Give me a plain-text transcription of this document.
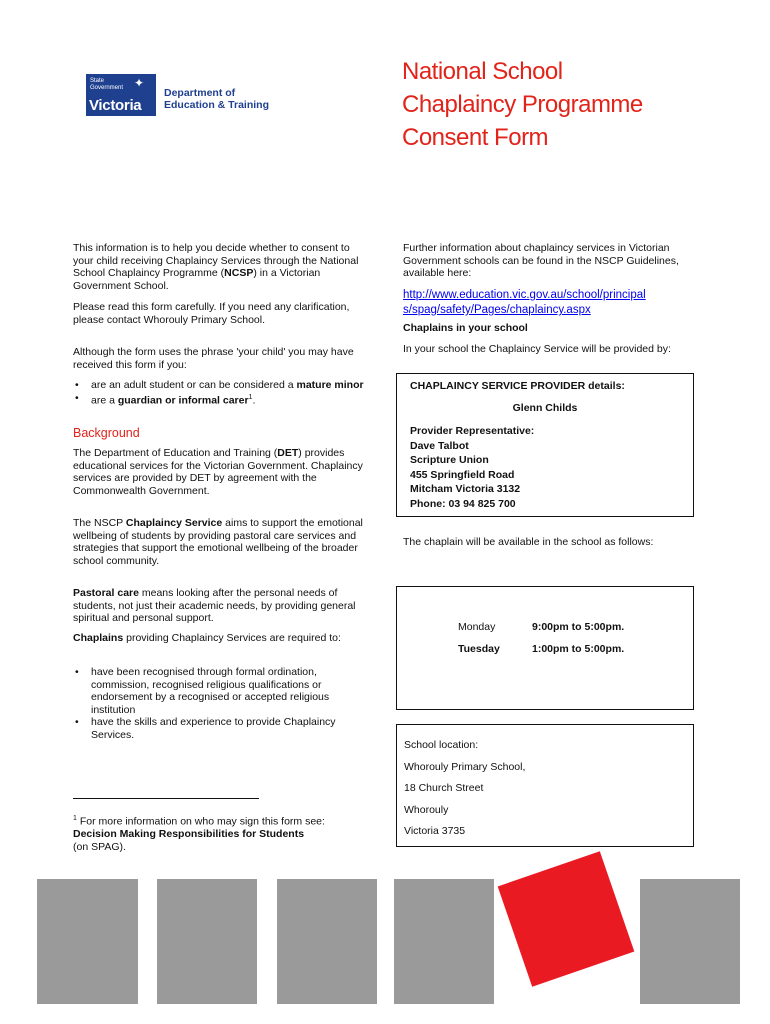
State
Government ✦
Victoria
Department of
Education & Training
National School
Chaplaincy Programme
Consent Form

This information is to help you decide whether to consent to your child receiving Chaplaincy Services through the National School Chaplaincy Programme (NCSP) in a Victorian Government School.

Please read this form carefully. If you need any clarification, please contact Whorouly Primary School.

Although the form uses the phrase 'your child' you may have received this form if you:

• are an adult student or can be considered a mature minor
• are a guardian or informal carer$^1$.
Background

The Department of Education and Training (DET) provides educational services for the Victorian Government. Chaplaincy services are provided by DET by agreement with the Commonwealth Government.

The NSCP Chaplaincy Service aims to support the emotional wellbeing of students by providing pastoral care services and strategies that support the emotional wellbeing of the broader school community.

Pastoral care means looking after the personal needs of students, not just their academic needs, by providing general spiritual and personal support.

Chaplains providing Chaplaincy Services are required to:

• have been recognised through formal ordination, commission, recognised religious qualifications or endorsement by a recognised or accepted religious institution
• have the skills and experience to provide Chaplaincy Services.

$^1$ For more information on who may sign this form see:

Decision Making Responsibilities for Students

(on SPAG).

Further information about chaplaincy services in Victorian Government schools can be found in the NSCP Guidelines, available here:

http://www.education.vic.gov.au/school/principal
s/spag/safety/Pages/chaplaincy.aspx
Chaplains in your school

In your school the Chaplaincy Service will be provided by:

CHAPLAINCY SERVICE PROVIDER details:
Glenn Childs
Provider Representative:
Dave Talbot
Scripture Union
455 Springfield Road
Mitcham Victoria 3132
Phone: 03 94 825 700

The chaplain will be available in the school as follows:

Monday	9:00pm to 5:00pm.
Tuesday	1:00pm to 5:00pm.
School location:
Whorouly Primary School,
18 Church Street
Whorouly
Victoria 3735
